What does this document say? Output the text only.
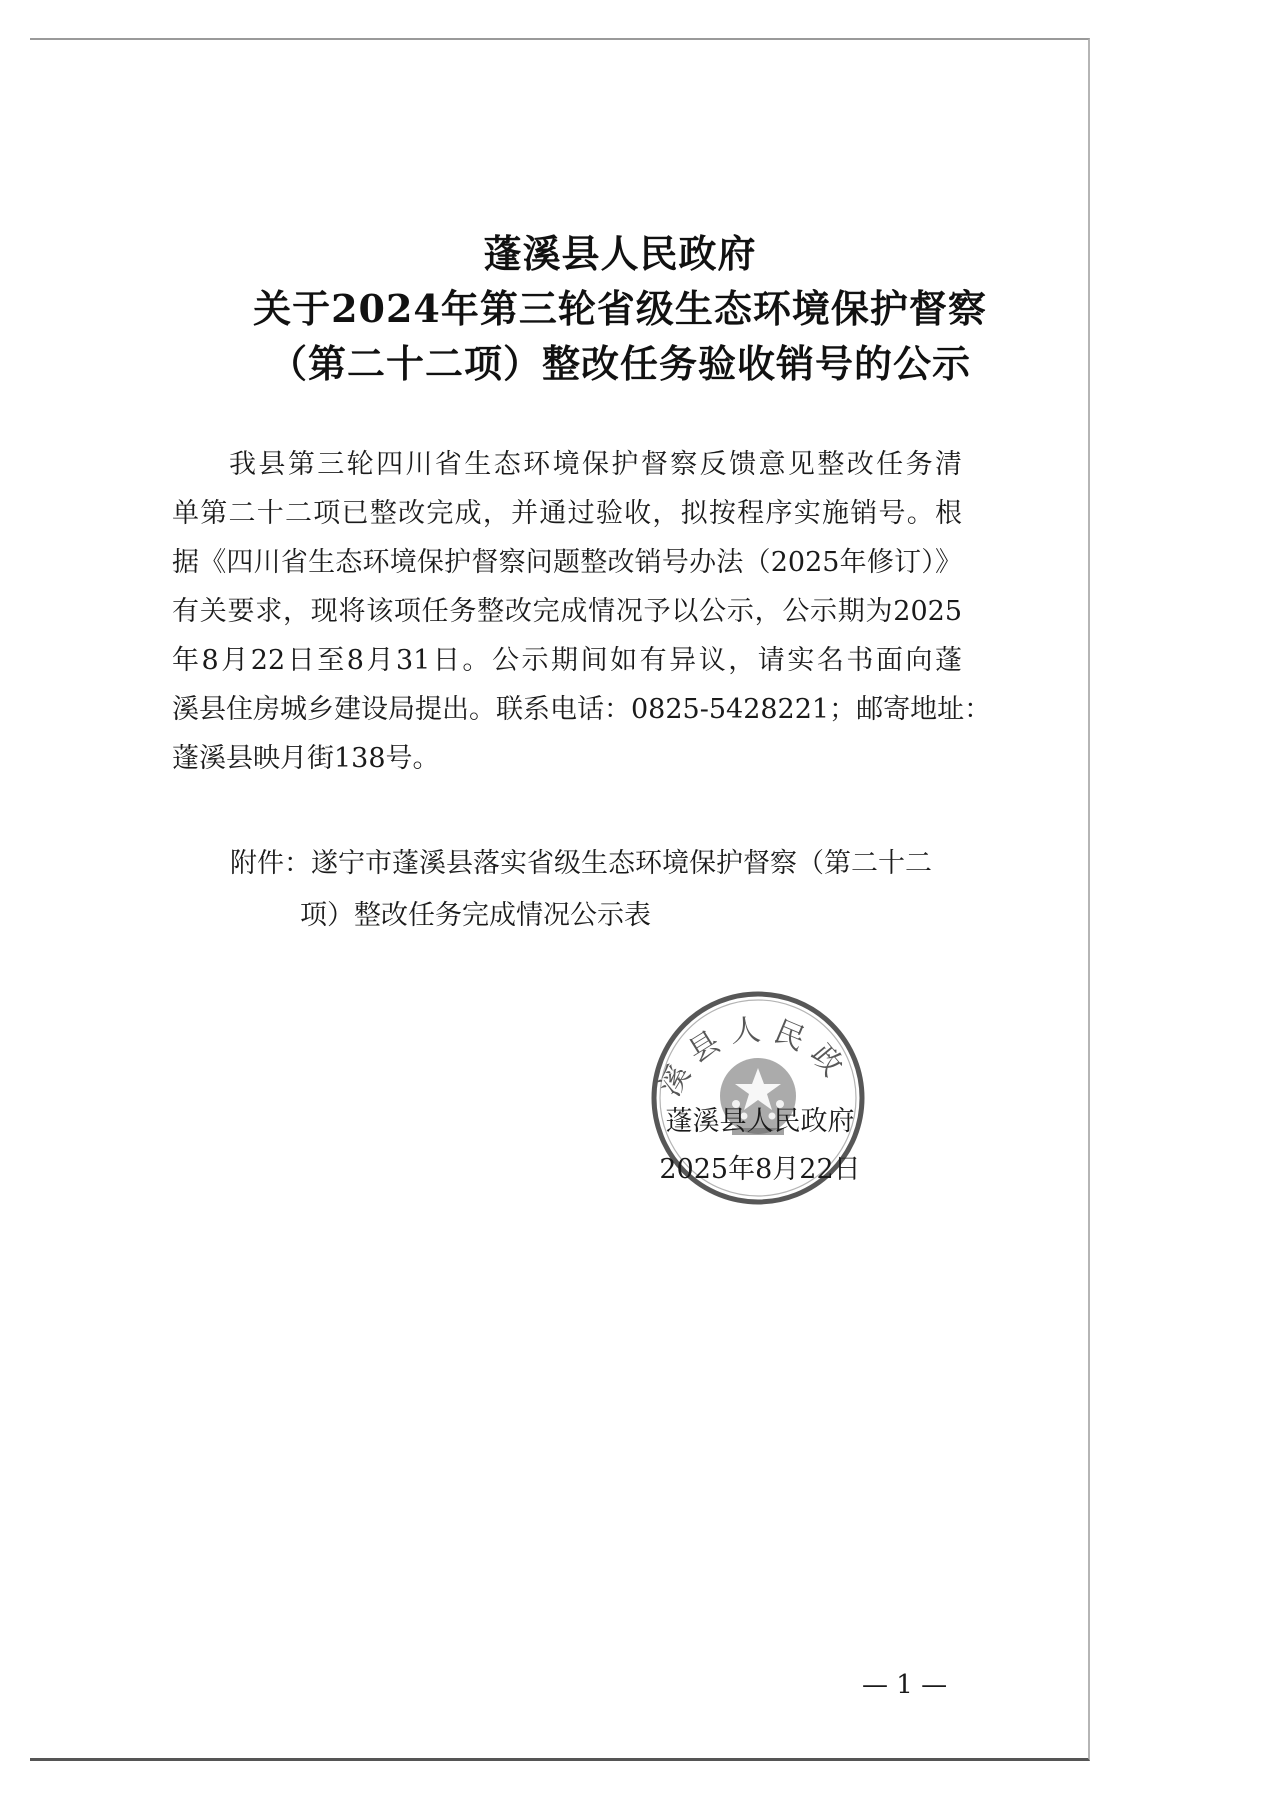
蓬溪县人民政府
关于2024年第三轮省级生态环境保护督察
（第二十二项）整改任务验收销号的公示
我县第三轮四川省生态环境保护督察反馈意见整改任务清
单第二十二项已整改完成，并通过验收，拟按程序实施销号。根
据《四川省生态环境保护督察问题整改销号办法（2025年修订）》
有关要求，现将该项任务整改完成情况予以公示，公示期为2025
年8月22日至8月31日。公示期间如有异议，请实名书面向蓬
溪县住房城乡建设局提出。联系电话：0825-5428221；邮寄地址：
蓬溪县映月街138号。
附件：遂宁市蓬溪县落实省级生态环境保护督察（第二十二
项）整改任务完成情况公示表
溪县人民政
蓬溪县人民政府
2025年8月22日
— 1 —
